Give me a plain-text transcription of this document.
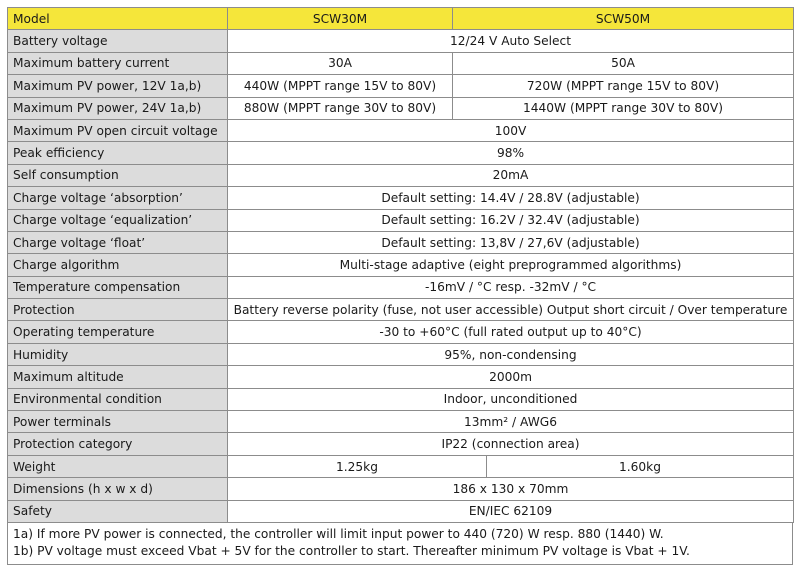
Model	SCW30M	SCW50M	
Battery voltage	12/24 V Auto Select		
Maximum battery current	30A	50A	
Maximum PV power, 12V 1a,b)	440W (MPPT range 15V to 80V)	720W (MPPT range 15V to 80V)	
Maximum PV power, 24V 1a,b)	880W (MPPT range 30V to 80V)	1440W (MPPT range 30V to 80V)	
Maximum PV open circuit voltage	100V		
Peak efficiency	98%		
Self consumption	20mA		
Charge voltage ‘absorption’	Default setting: 14.4V / 28.8V (adjustable)		
Charge voltage ‘equalization’	Default setting: 16.2V / 32.4V (adjustable)		
Charge voltage ‘float’	Default setting: 13,8V / 27,6V (adjustable)		
Charge algorithm	Multi-stage adaptive (eight preprogrammed algorithms)		
Temperature compensation	-16mV / °C resp. -32mV / °C		
Protection	Battery reverse polarity (fuse, not user accessible) Output short circuit / Over temperature		
Operating temperature	-30 to +60°C (full rated output up to 40°C)		
Humidity	95%, non-condensing		
Maximum altitude	2000m		
Environmental condition	Indoor, unconditioned		
Power terminals	13mm² / AWG6		
Protection category	IP22 (connection area)		
Weight	1.25kg		1.60kg
Dimensions (h x w x d)	186 x 130 x 70mm		
Safety	EN/IEC 62109		
1a) If more PV power is connected, the controller will limit input power to 440 (720) W resp. 880 (1440) W.
1b) PV voltage must exceed Vbat + 5V for the controller to start. Thereafter minimum PV voltage is Vbat + 1V.
